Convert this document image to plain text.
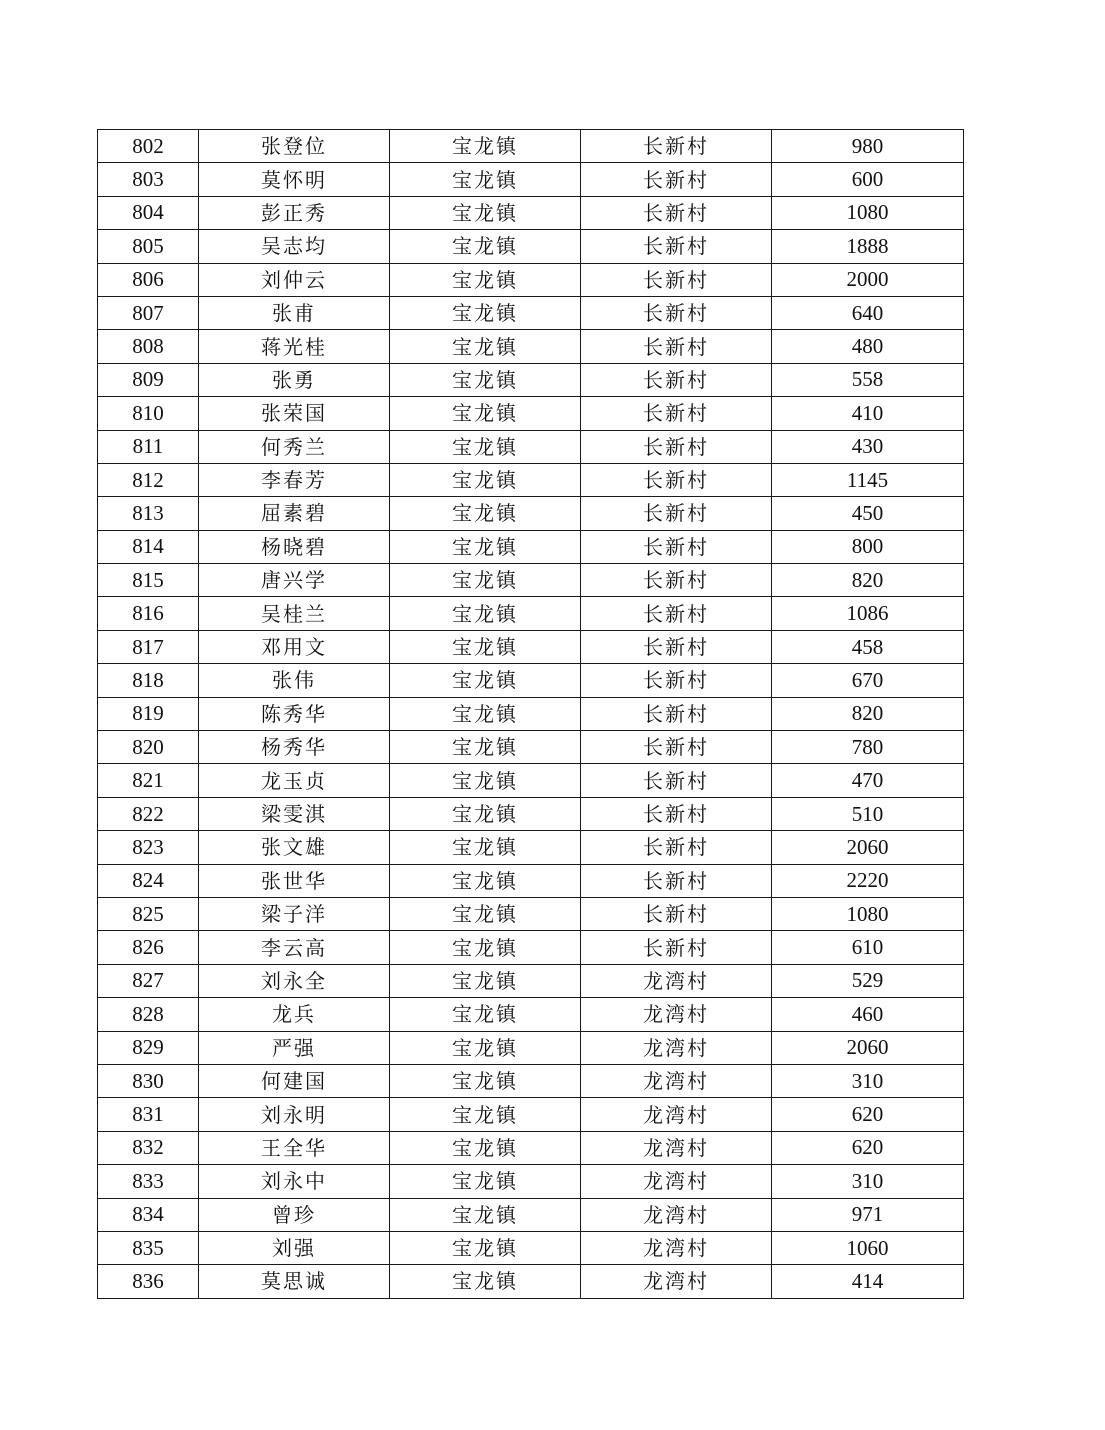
802	张登位	宝龙镇	长新村	980
803	莫怀明	宝龙镇	长新村	600
804	彭正秀	宝龙镇	长新村	1080
805	吴志均	宝龙镇	长新村	1888
806	刘仲云	宝龙镇	长新村	2000
807	张甫	宝龙镇	长新村	640
808	蒋光桂	宝龙镇	长新村	480
809	张勇	宝龙镇	长新村	558
810	张荣国	宝龙镇	长新村	410
811	何秀兰	宝龙镇	长新村	430
812	李春芳	宝龙镇	长新村	1145
813	屈素碧	宝龙镇	长新村	450
814	杨晓碧	宝龙镇	长新村	800
815	唐兴学	宝龙镇	长新村	820
816	吴桂兰	宝龙镇	长新村	1086
817	邓用文	宝龙镇	长新村	458
818	张伟	宝龙镇	长新村	670
819	陈秀华	宝龙镇	长新村	820
820	杨秀华	宝龙镇	长新村	780
821	龙玉贞	宝龙镇	长新村	470
822	梁雯淇	宝龙镇	长新村	510
823	张文雄	宝龙镇	长新村	2060
824	张世华	宝龙镇	长新村	2220
825	梁子洋	宝龙镇	长新村	1080
826	李云高	宝龙镇	长新村	610
827	刘永全	宝龙镇	龙湾村	529
828	龙兵	宝龙镇	龙湾村	460
829	严强	宝龙镇	龙湾村	2060
830	何建国	宝龙镇	龙湾村	310
831	刘永明	宝龙镇	龙湾村	620
832	王全华	宝龙镇	龙湾村	620
833	刘永中	宝龙镇	龙湾村	310
834	曾珍	宝龙镇	龙湾村	971
835	刘强	宝龙镇	龙湾村	1060
836	莫思诚	宝龙镇	龙湾村	414
